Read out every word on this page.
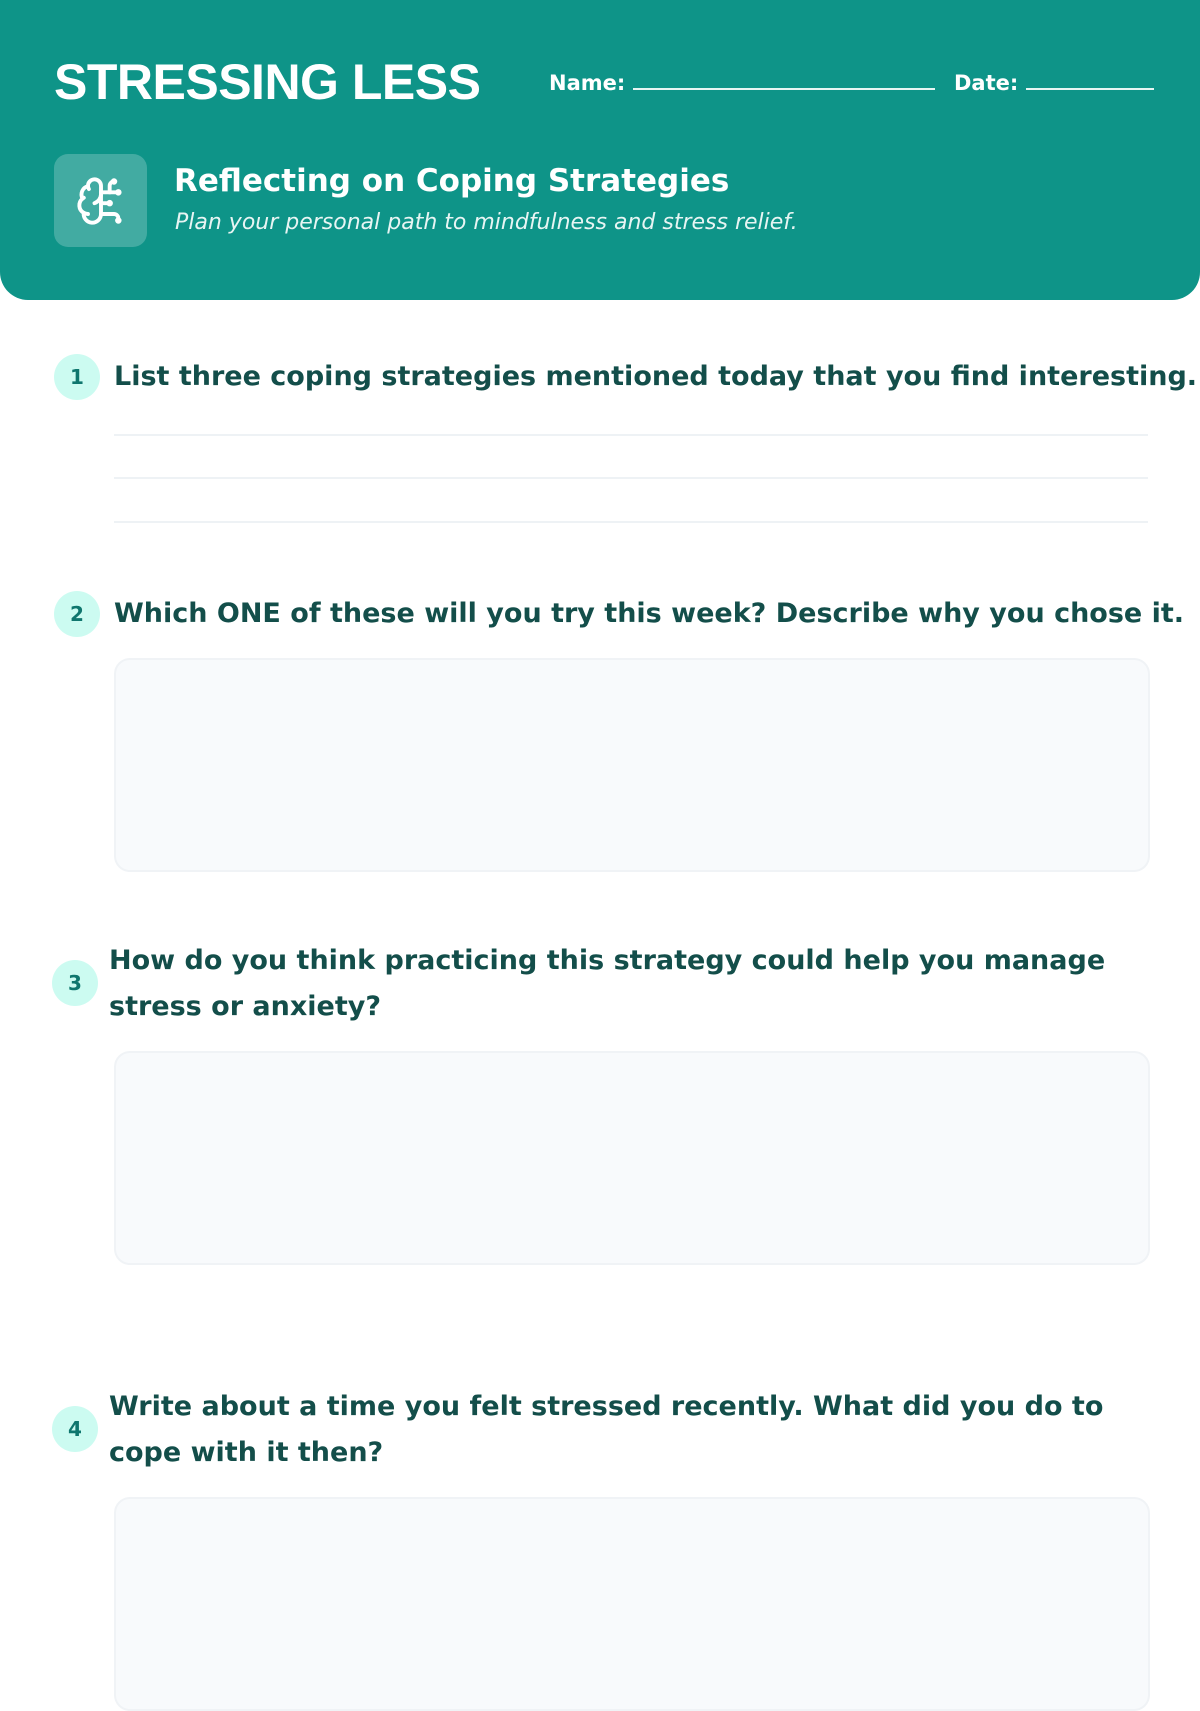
STRESSING LESS	Name:	Date:
Reflecting on Coping Strategies
Plan your personal path to mindfulness and stress relief.
1	List three coping strategies mentioned today that you find interesting.

2	Which ONE of these will you try this week? Describe why you chose it.

3

How do you think practicing this strategy could help you manage stress or anxiety?

4

Write about a time you felt stressed recently. What did you do to cope with it then?
